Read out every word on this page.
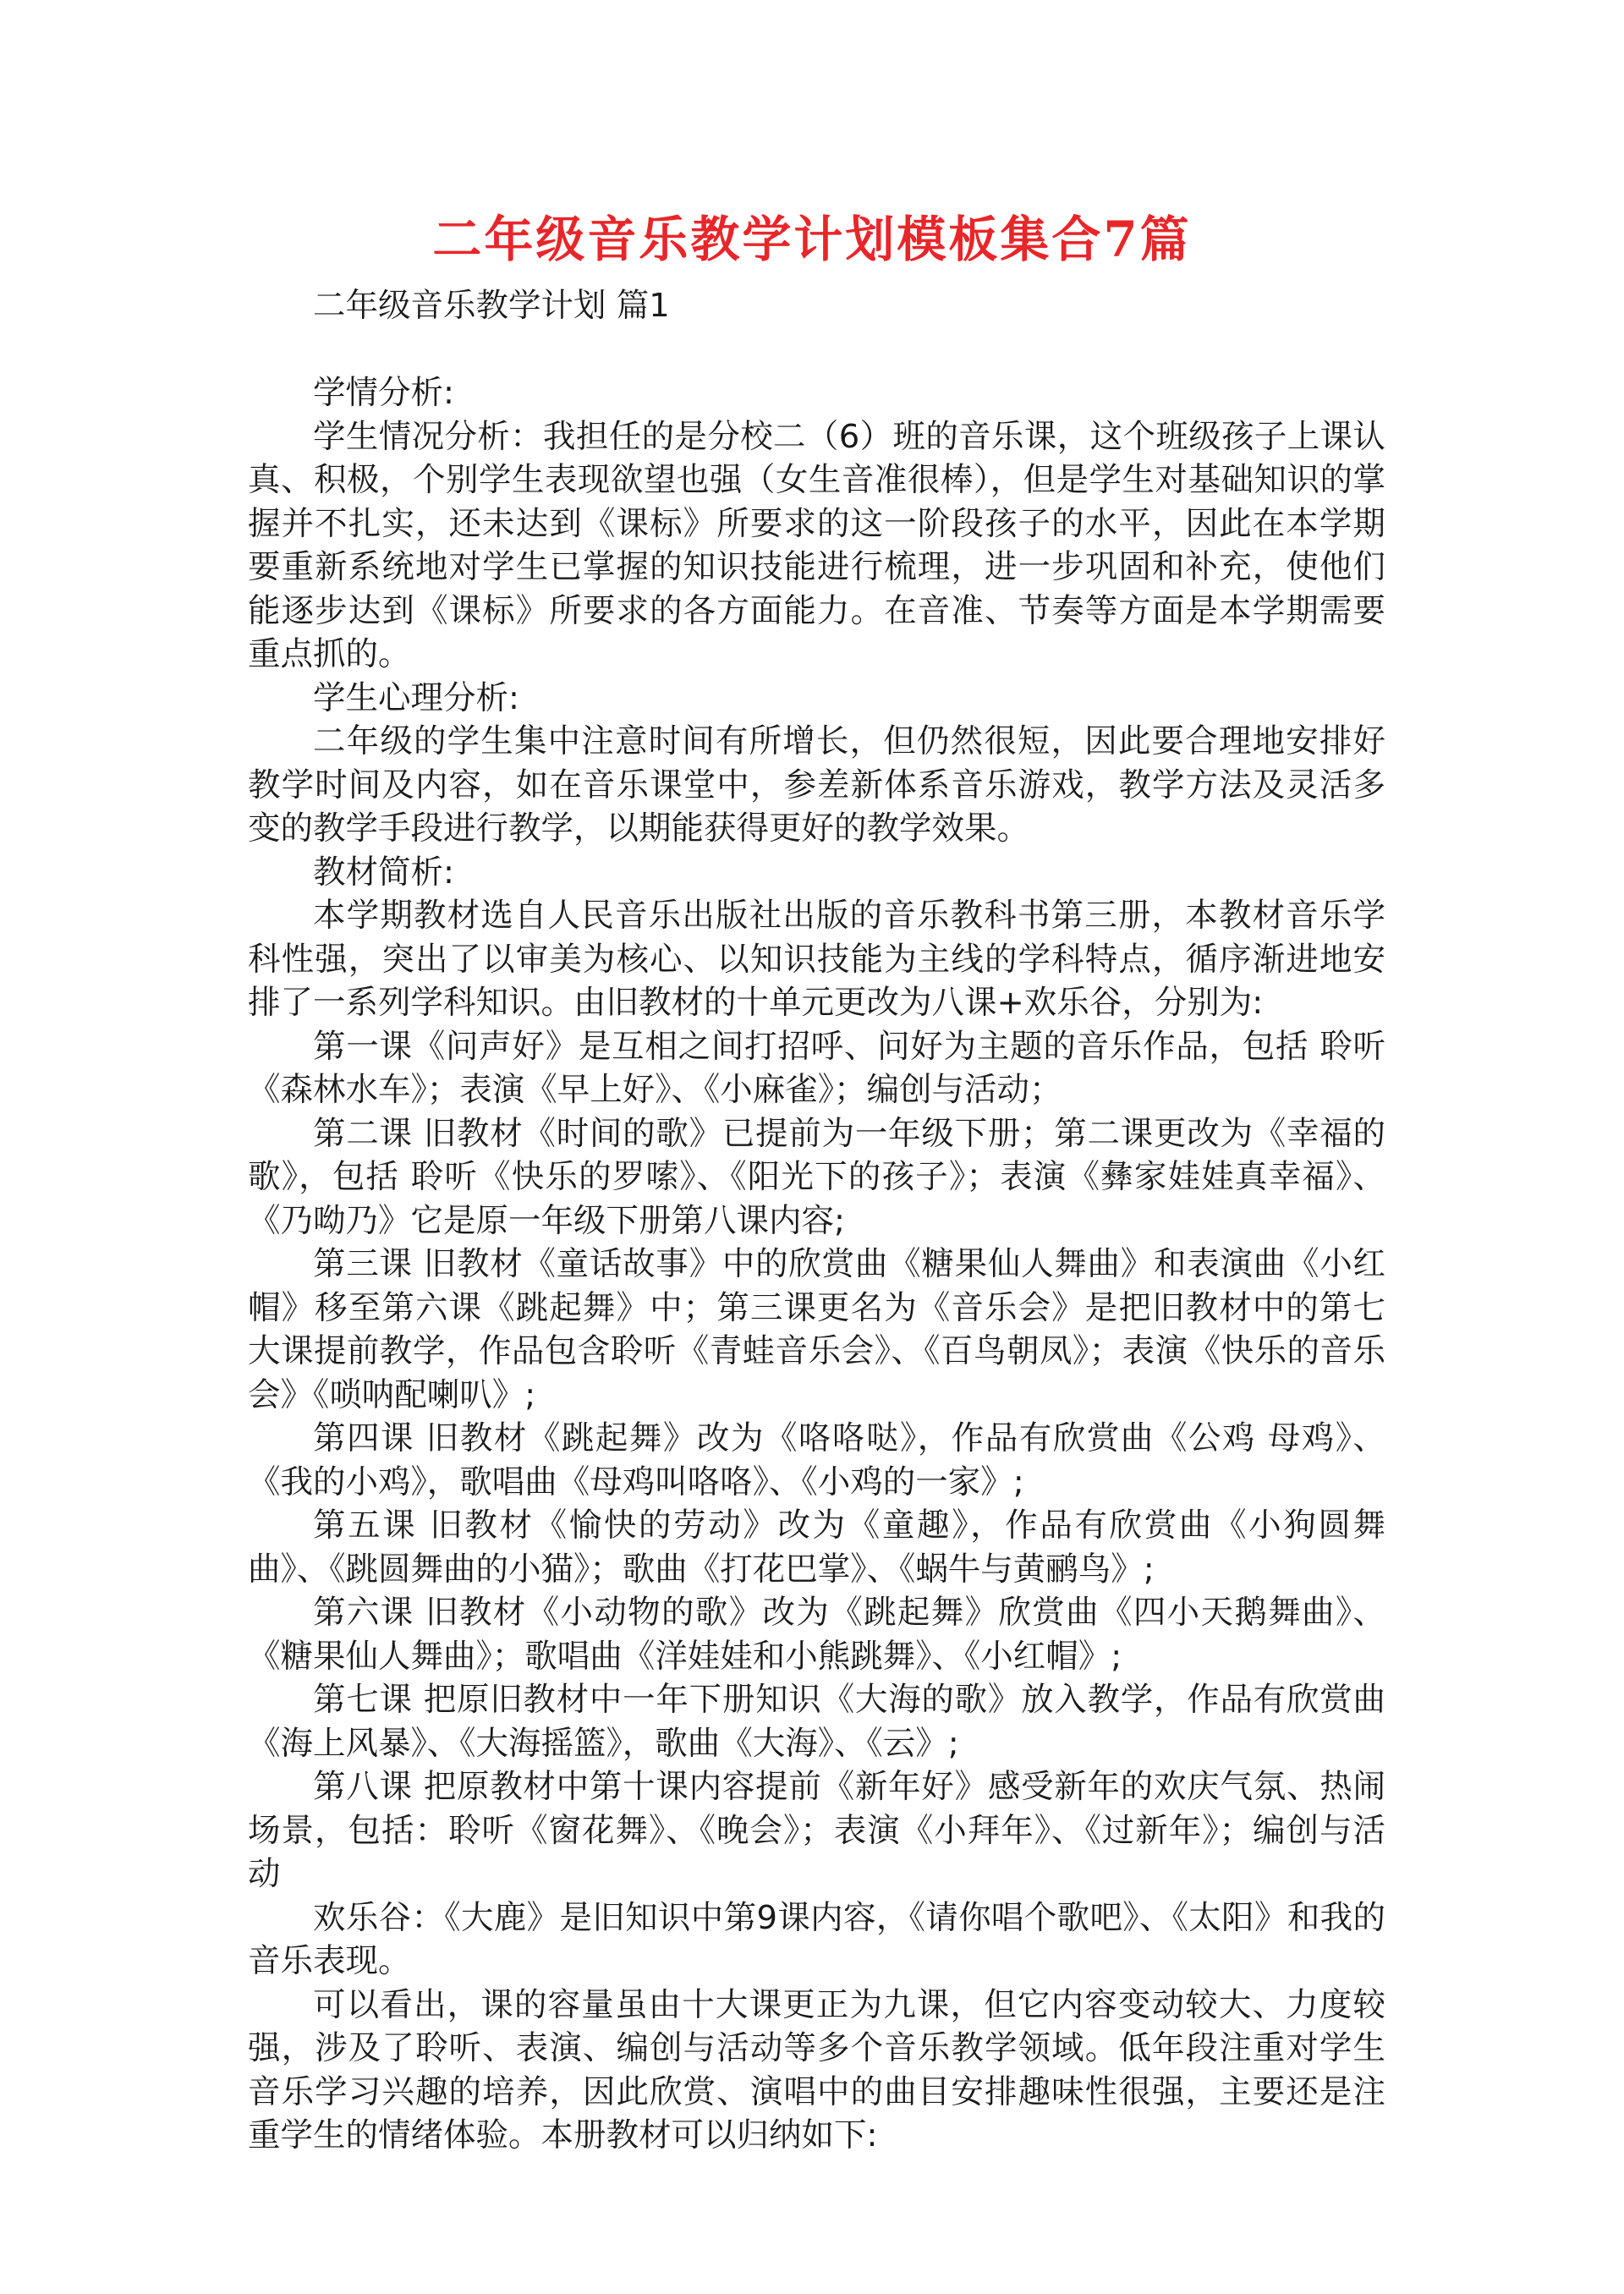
二年级音乐教学计划模板集合7篇

二年级音乐教学计划 篇1

学情分析:

学生情况分析：我担任的是分校二（6）班的音乐课，这个班级孩子上课认真、积极，个别学生表现欲望也强（女生音准很棒），但是学生对基础知识的掌握并不扎实，还未达到《课标》所要求的这一阶段孩子的水平，因此在本学期要重新系统地对学生已掌握的知识技能进行梳理，进一步巩固和补充，使他们能逐步达到《课标》所要求的各方面能力。在音准、节奏等方面是本学期需要重点抓的。

学生心理分析:

二年级的学生集中注意时间有所增长，但仍然很短，因此要合理地安排好教学时间及内容，如在音乐课堂中，参差新体系音乐游戏，教学方法及灵活多变的教学手段进行教学，以期能获得更好的教学效果。

教材简析:

本学期教材选自人民音乐出版社出版的音乐教科书第三册，本教材音乐学科性强，突出了以审美为核心、以知识技能为主线的学科特点，循序渐进地安排了一系列学科知识。由旧教材的十单元更改为八课+欢乐谷，分别为:

第一课《问声好》是互相之间打招呼、问好为主题的音乐作品，包括 聆听《森林水车》；表演《早上好》、《小麻雀》；编创与活动；

第二课 旧教材《时间的歌》已提前为一年级下册；第二课更改为《幸福的歌》，包括 聆听《快乐的罗嗦》、《阳光下的孩子》；表演《彝家娃娃真幸福》、《乃呦乃》它是原一年级下册第八课内容;

第三课 旧教材《童话故事》中的欣赏曲《糖果仙人舞曲》和表演曲《小红帽》移至第六课《跳起舞》中；第三课更名为《音乐会》是把旧教材中的第七大课提前教学，作品包含聆听《青蛙音乐会》、《百鸟朝凤》；表演《快乐的音乐会》《唢呐配喇叭》;

第四课 旧教材《跳起舞》改为《咯咯哒》，作品有欣赏曲《公鸡 母鸡》、《我的小鸡》，歌唱曲《母鸡叫咯咯》、《小鸡的一家》;

第五课 旧教材《愉快的劳动》改为《童趣》，作品有欣赏曲《小狗圆舞曲》、《跳圆舞曲的小猫》；歌曲《打花巴掌》、《蜗牛与黄鹂鸟》;

第六课 旧教材《小动物的歌》改为《跳起舞》欣赏曲《四小天鹅舞曲》、《糖果仙人舞曲》；歌唱曲《洋娃娃和小熊跳舞》、《小红帽》;

第七课 把原旧教材中一年下册知识《大海的歌》放入教学，作品有欣赏曲《海上风暴》、《大海摇篮》，歌曲《大海》、《云》;

第八课 把原教材中第十课内容提前《新年好》感受新年的欢庆气氛、热闹场景，包括：聆听《窗花舞》、《晚会》；表演《小拜年》、《过新年》；编创与活动

欢乐谷：《大鹿》是旧知识中第9课内容，《请你唱个歌吧》、《太阳》和我的音乐表现。

可以看出，课的容量虽由十大课更正为九课，但它内容变动较大、力度较强，涉及了聆听、表演、编创与活动等多个音乐教学领域。低年段注重对学生音乐学习兴趣的培养，因此欣赏、演唱中的曲目安排趣味性很强，主要还是注重学生的情绪体验。本册教材可以归纳如下:
